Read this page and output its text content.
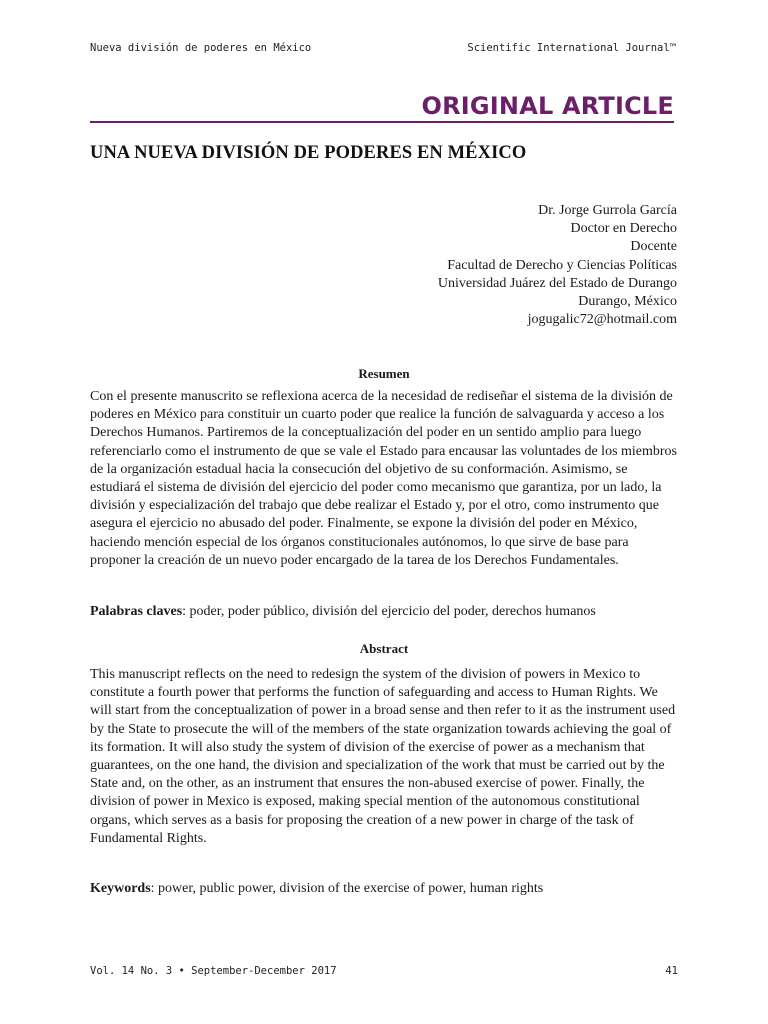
Nueva división de poderes en México	Scientific International Journal™
ORIGINAL ARTICLE
UNA NUEVA DIVISIÓN DE PODERES EN MÉXICO
Dr. Jorge Gurrola García
Doctor en Derecho
Docente
Facultad de Derecho y Ciencias Políticas
Universidad Juárez del Estado de Durango
Durango, México
jogugalic72@hotmail.com
Resumen
Con el presente manuscrito se reflexiona acerca de la necesidad de rediseñar el sistema de la división de poderes en México para constituir un cuarto poder que realice la función de salvaguarda y acceso a los Derechos Humanos. Partiremos de la conceptualización del poder en un sentido amplio para luego referenciarlo como el instrumento de que se vale el Estado para encausar las voluntades de los miembros de la organización estadual hacia la consecución del objetivo de su conformación. Asimismo, se estudiará el sistema de división del ejercicio del poder como mecanismo que garantiza, por un lado, la división y especialización del trabajo que debe realizar el Estado y, por el otro, como instrumento que asegura el ejercicio no abusado del poder. Finalmente, se expone la división del poder en México, haciendo mención especial de los órganos constitucionales autónomos, lo que sirve de base para proponer la creación de un nuevo poder encargado de la tarea de los Derechos Fundamentales.
Palabras claves: poder, poder público, división del ejercicio del poder, derechos humanos
Abstract
This manuscript reflects on the need to redesign the system of the division of powers in Mexico to constitute a fourth power that performs the function of safeguarding and access to Human Rights. We will start from the conceptualization of power in a broad sense and then refer to it as the instrument used by the State to prosecute the will of the members of the state organization towards achieving the goal of its formation. It will also study the system of division of the exercise of power as a mechanism that guarantees, on the one hand, the division and specialization of the work that must be carried out by the State and, on the other, as an instrument that ensures the non-abused exercise of power. Finally, the division of power in Mexico is exposed, making special mention of the autonomous constitutional organs, which serves as a basis for proposing the creation of a new power in charge of the task of Fundamental Rights.
Keywords: power, public power, division of the exercise of power, human rights
Vol. 14 No. 3 • September-December 2017	41
